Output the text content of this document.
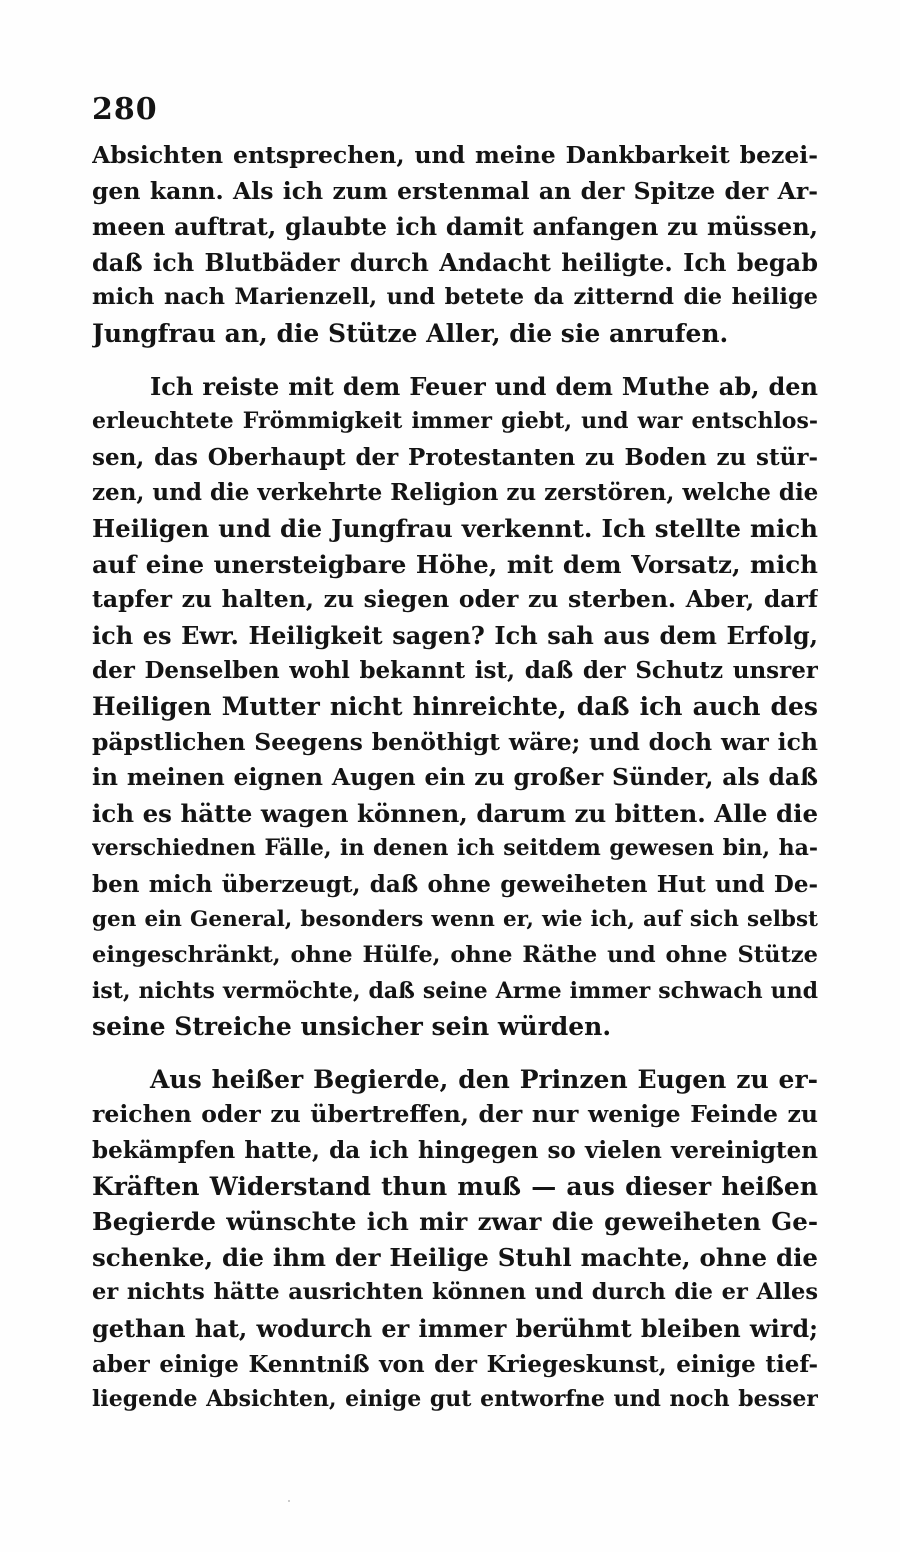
280
Absichten entsprechen, und meine Dankbarkeit bezei-
gen kann. Als ich zum erstenmal an der Spitze der Ar-
meen auftrat, glaubte ich damit anfangen zu müssen,
daß ich Blutbäder durch Andacht heiligte. Ich begab
mich nach Marienzell, und betete da zitternd die heilige
Jungfrau an, die Stütze Aller, die sie anrufen.
Ich reiste mit dem Feuer und dem Muthe ab, den
erleuchtete Frömmigkeit immer giebt, und war entschlos-
sen, das Oberhaupt der Protestanten zu Boden zu stür-
zen, und die verkehrte Religion zu zerstören, welche die
Heiligen und die Jungfrau verkennt. Ich stellte mich
auf eine unersteigbare Höhe, mit dem Vorsatz, mich
tapfer zu halten, zu siegen oder zu sterben. Aber, darf
ich es Ewr. Heiligkeit sagen? Ich sah aus dem Erfolg,
der Denselben wohl bekannt ist, daß der Schutz unsrer
Heiligen Mutter nicht hinreichte, daß ich auch des
päpstlichen Seegens benöthigt wäre; und doch war ich
in meinen eignen Augen ein zu großer Sünder, als daß
ich es hätte wagen können, darum zu bitten. Alle die
verschiednen Fälle, in denen ich seitdem gewesen bin, ha-
ben mich überzeugt, daß ohne geweiheten Hut und De-
gen ein General, besonders wenn er, wie ich, auf sich selbst
eingeschränkt, ohne Hülfe, ohne Räthe und ohne Stütze
ist, nichts vermöchte, daß seine Arme immer schwach und
seine Streiche unsicher sein würden.
Aus heißer Begierde, den Prinzen Eugen zu er-
reichen oder zu übertreffen, der nur wenige Feinde zu
bekämpfen hatte, da ich hingegen so vielen vereinigten
Kräften Widerstand thun muß — aus dieser heißen
Begierde wünschte ich mir zwar die geweiheten Ge-
schenke, die ihm der Heilige Stuhl machte, ohne die
er nichts hätte ausrichten können und durch die er Alles
gethan hat, wodurch er immer berühmt bleiben wird;
aber einige Kenntniß von der Kriegeskunst, einige tief-
liegende Absichten, einige gut entworfne und noch besser
